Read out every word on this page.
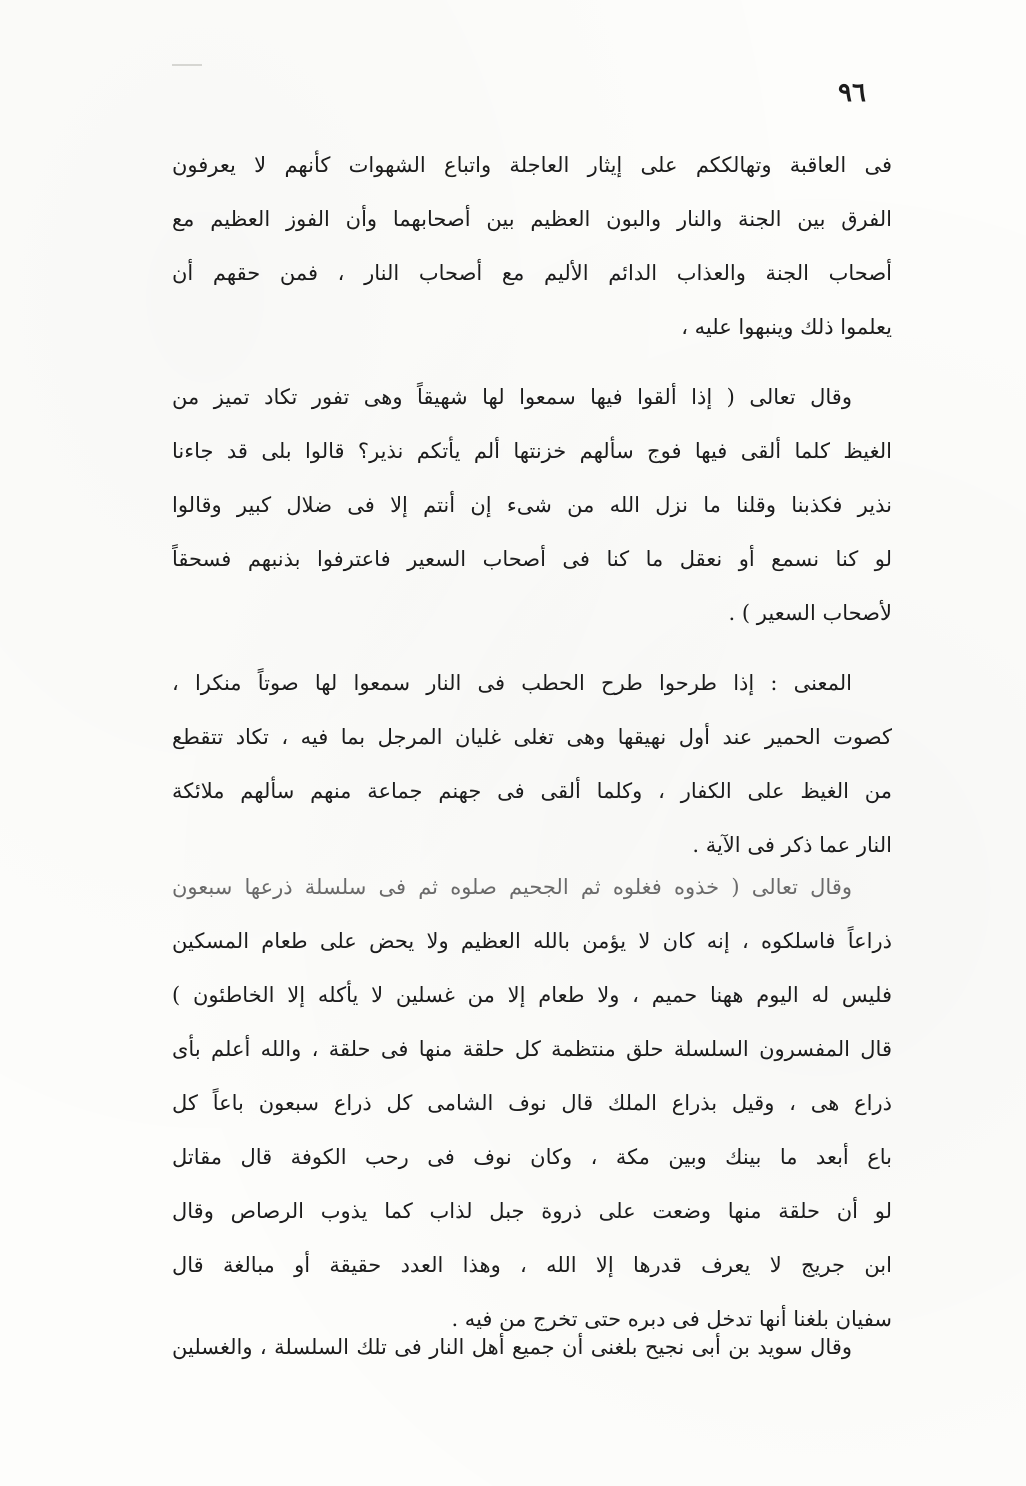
٩٦
فى العاقبة وتهالككم على إيثار العاجلة واتباع الشهوات كأنهم لا يعرفون
الفرق بين الجنة والنار والبون العظيم بين أصحابهما وأن الفوز العظيم مع
أصحاب الجنة والعذاب الدائم الأليم مع أصحاب النار ، فمن حقهم أن
يعلموا ذلك وينبهوا عليه ،
وقال تعالى ( إذا ألقوا فيها سمعوا لها شهيقاً وهى تفور تكاد تميز من
الغيظ كلما ألقى فيها فوج سألهم خزنتها ألم يأتكم نذير؟ قالوا بلى قد جاءنا
نذير فكذبنا وقلنا ما نزل الله من شىء إن أنتم إلا فى ضلال كبير وقالوا
لو كنا نسمع أو نعقل ما كنا فى أصحاب السعير فاعترفوا بذنبهم فسحقاً
لأصحاب السعير ) .
المعنى : إذا طرحوا طرح الحطب فى النار سمعوا لها صوتاً منكرا ،
كصوت الحمير عند أول نهيقها وهى تغلى غليان المرجل بما فيه ، تكاد تتقطع
من الغيظ على الكفار ، وكلما ألقى فى جهنم جماعة منهم سألهم ملائكة
النار عما ذكر فى الآية .
وقال تعالى ( خذوه فغلوه ثم الجحيم صلوه ثم فى سلسلة ذرعها سبعون
ذراعاً فاسلكوه ، إنه كان لا يؤمن بالله العظيم ولا يحض على طعام المسكين
فليس له اليوم ههنا حميم ، ولا طعام إلا من غسلين لا يأكله إلا الخاطئون )
قال المفسرون السلسلة حلق منتظمة كل حلقة منها فى حلقة ، والله أعلم بأى
ذراع هى ، وقيل بذراع الملك قال نوف الشامى كل ذراع سبعون باعاً كل
باع أبعد ما بينك وبين مكة ، وكان نوف فى رحب الكوفة قال مقاتل
لو أن حلقة منها وضعت على ذروة جبل لذاب كما يذوب الرصاص وقال
ابن جريج لا يعرف قدرها إلا الله ، وهذا العدد حقيقة أو مبالغة قال
سفيان بلغنا أنها تدخل فى دبره حتى تخرج من فيه .
وقال سويد بن أبى نجيح بلغنى أن جميع أهل النار فى تلك السلسلة ، والغسلين
